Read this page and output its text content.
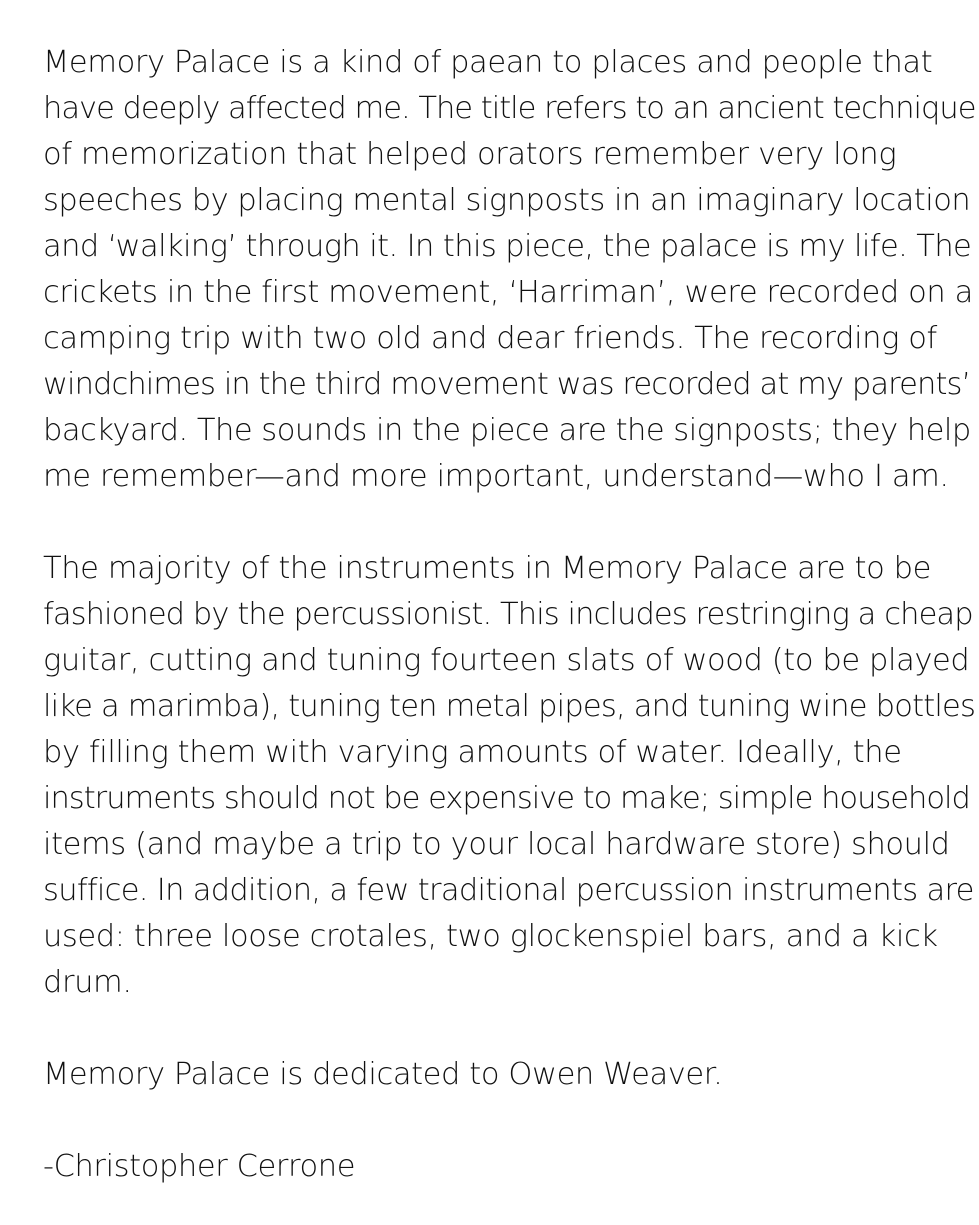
Memory Palace is a kind of paean to places and people that
have deeply affected me. The title refers to an ancient technique
of memorization that helped orators remember very long
speeches by placing mental signposts in an imaginary location
and ‘walking’ through it. In this piece, the palace is my life. The
crickets in the first movement, ‘Harriman’, were recorded on a
camping trip with two old and dear friends. The recording of
windchimes in the third movement was recorded at my parents’
backyard. The sounds in the piece are the signposts; they help
me remember—and more important, understand—who I am.
The majority of the instruments in Memory Palace are to be
fashioned by the percussionist. This includes restringing a cheap
guitar, cutting and tuning fourteen slats of wood (to be played
like a marimba), tuning ten metal pipes, and tuning wine bottles
by filling them with varying amounts of water. Ideally, the
instruments should not be expensive to make; simple household
items (and maybe a trip to your local hardware store) should
suffice. In addition, a few traditional percussion instruments are
used: three loose crotales, two glockenspiel bars, and a kick
drum.
Memory Palace is dedicated to Owen Weaver.
-Christopher Cerrone
